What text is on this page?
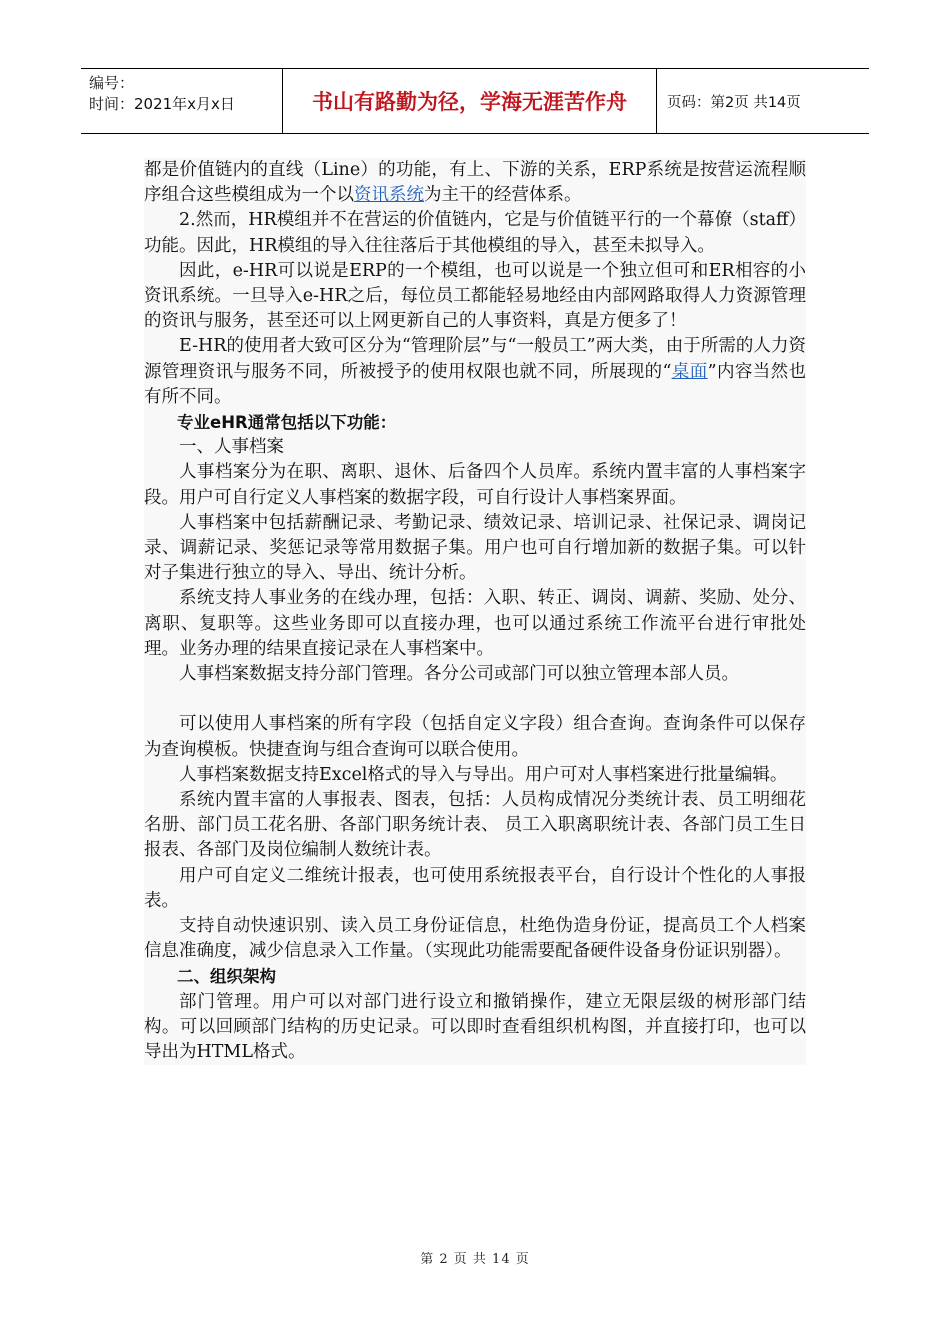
编号：
时间：2021年x月x日	书山有路勤为径，学海无涯苦作舟	页码：第2页 共14页

都是价值链内的直线（Line）的功能，有上、下游的关系，ERP系统是按营运流程顺序组合这些模组成为一个以资讯系统为主干的经营体系。

2.然而，HR模组并不在营运的价值链内，它是与价值链平行的一个幕僚（staff）功能。因此，HR模组的导入往往落后于其他模组的导入，甚至未拟导入。

因此，e-HR可以说是ERP的一个模组，也可以说是一个独立但可和ER相容的小资讯系统。一旦导入e-HR之后，每位员工都能轻易地经由内部网路取得人力资源管理的资讯与服务，甚至还可以上网更新自己的人事资料，真是方便多了！

E-HR的使用者大致可区分为“管理阶层”与“一般员工”两大类，由于所需的人力资源管理资讯与服务不同，所被授予的使用权限也就不同，所展现的“桌面”内容当然也有所不同。

专业eHR通常包括以下功能：

一、人事档案

人事档案分为在职、离职、退休、后备四个人员库。系统内置丰富的人事档案字段。用户可自行定义人事档案的数据字段，可自行设计人事档案界面。

人事档案中包括薪酬记录、考勤记录、绩效记录、培训记录、社保记录、调岗记录、调薪记录、奖惩记录等常用数据子集。用户也可自行增加新的数据子集。可以针对子集进行独立的导入、导出、统计分析。

系统支持人事业务的在线办理，包括：入职、转正、调岗、调薪、奖励、处分、离职、复职等。这些业务即可以直接办理，也可以通过系统工作流平台进行审批处理。业务办理的结果直接记录在人事档案中。

人事档案数据支持分部门管理。各分公司或部门可以独立管理本部人员。

可以使用人事档案的所有字段（包括自定义字段）组合查询。查询条件可以保存为查询模板。快捷查询与组合查询可以联合使用。

人事档案数据支持Excel格式的导入与导出。用户可对人事档案进行批量编辑。

系统内置丰富的人事报表、图表，包括：人员构成情况分类统计表、员工明细花名册、部门员工花名册、各部门职务统计表、 员工入职离职统计表、各部门员工生日报表、各部门及岗位编制人数统计表。

用户可自定义二维统计报表，也可使用系统报表平台，自行设计个性化的人事报表。

支持自动快速识别、读入员工身份证信息，杜绝伪造身份证，提高员工个人档案信息准确度，减少信息录入工作量。（实现此功能需要配备硬件设备身份证识别器）。

二、组织架构

部门管理。用户可以对部门进行设立和撤销操作，建立无限层级的树形部门结构。可以回顾部门结构的历史记录。可以即时查看组织机构图，并直接打印，也可以导出为HTML格式。

第 2 页 共 14 页
